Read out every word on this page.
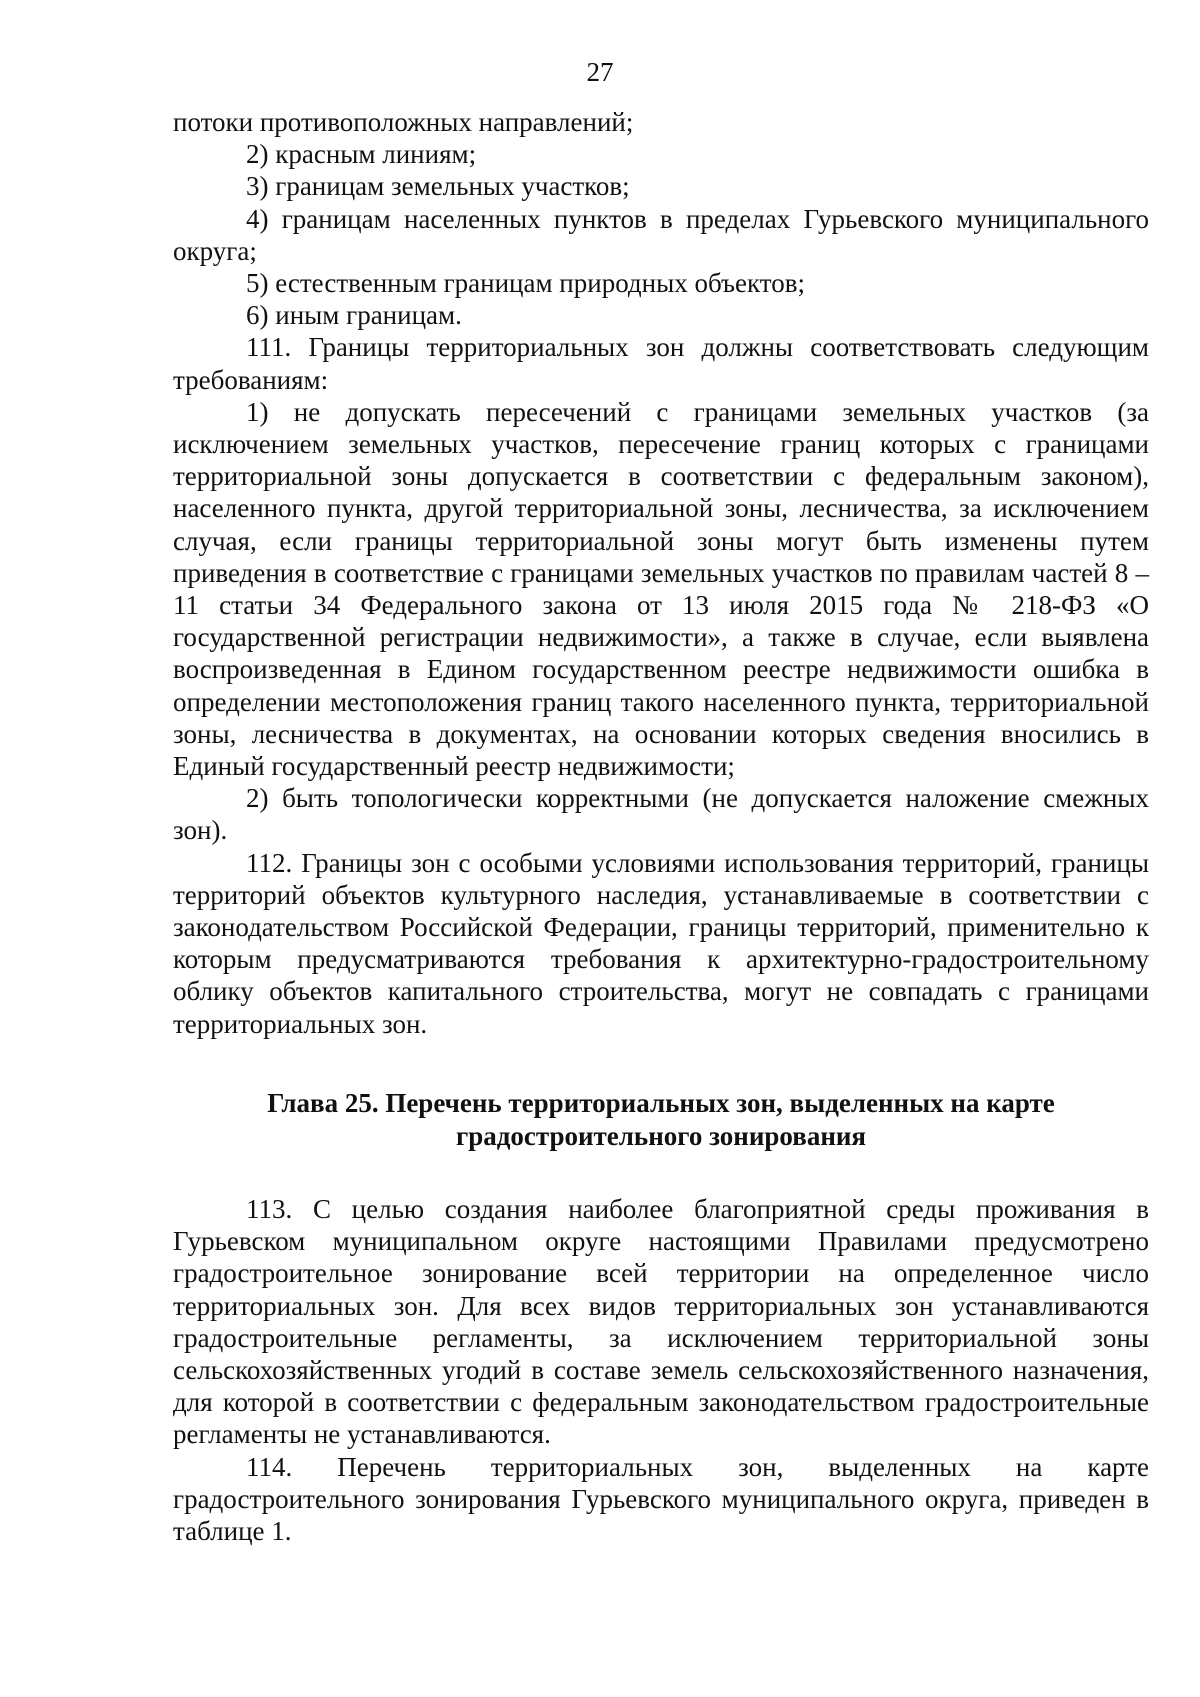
27

потоки противоположных направлений;

2) красным линиям;

3) границам земельных участков;

4) границам населенных пунктов в пределах Гурьевского муниципального округа;

5) естественным границам природных объектов;

6) иным границам.

111. Границы территориальных зон должны соответствовать следующим требованиям:

1) не допускать пересечений с границами земельных участков (за исключением земельных участков, пересечение границ которых с границами территориальной зоны допускается в соответствии с федеральным законом), населенного пункта, другой территориальной зоны, лесничества, за исключением случая, если границы территориальной зоны могут быть изменены путем приведения в соответствие с границами земельных участков по правилам частей 8 – 11 статьи 34 Федерального закона от 13 июля 2015 года № 218-ФЗ «О государственной регистрации недвижимости», а также в случае, если выявлена воспроизведенная в Едином государственном реестре недвижимости ошибка в определении местоположения границ такого населенного пункта, территориальной зоны, лесничества в документах, на основании которых сведения вносились в Единый государственный реестр недвижимости;

2) быть топологически корректными (не допускается наложение смежных зон).

112. Границы зон с особыми условиями использования территорий, границы территорий объектов культурного наследия, устанавливаемые в соответствии с законодательством Российской Федерации, границы территорий, применительно к которым предусматриваются требования к архитектурно-градостроительному облику объектов капитального строительства, могут не совпадать с границами территориальных зон.

Глава 25. Перечень территориальных зон, выделенных на карте
градостроительного зонирования

113. С целью создания наиболее благоприятной среды проживания в Гурьевском муниципальном округе настоящими Правилами предусмотрено градостроительное зонирование всей территории на определенное число территориальных зон. Для всех видов территориальных зон устанавливаются градостроительные регламенты, за исключением территориальной зоны сельскохозяйственных угодий в составе земель сельскохозяйственного назначения, для которой в соответствии с федеральным законодательством градостроительные регламенты не устанавливаются.

114. Перечень территориальных зон, выделенных на карте градостроительного зонирования Гурьевского муниципального округа, приведен в таблице 1.
